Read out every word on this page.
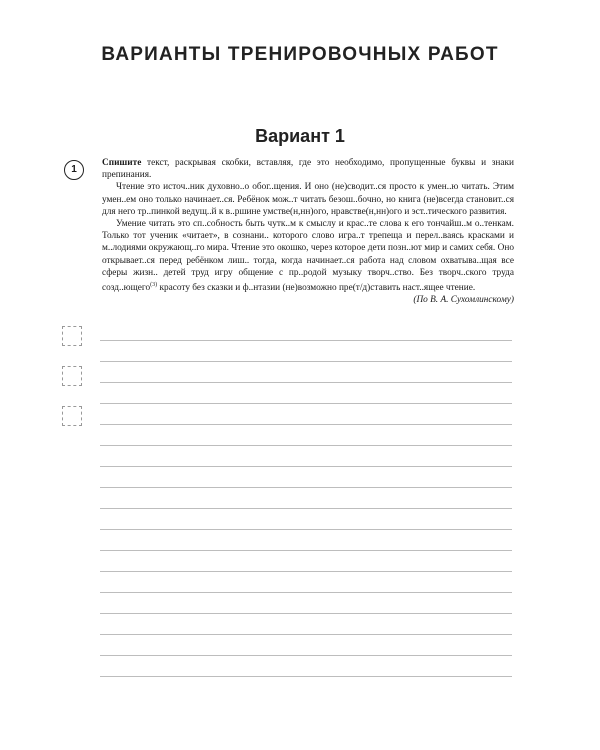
ВАРИАНТЫ ТРЕНИРОВОЧНЫХ РАБОТ
Вариант 1
1

Спишите текст, раскрывая скобки, вставляя, где это необходимо, пропущенные буквы и знаки препинания.

Чтение это источ..ник духовно..о обог..щения. И оно (не)сводит..ся просто к умен..ю читать. Этим умен..ем оно только начинает..ся. Ребёнок мож..т читать безош..бочно, но книга (не)всегда становит..ся для него тр..пинкой ведущ..й к в..ршине умстве(н,нн)ого, нравстве(н,нн)ого и эст..тического развития.

Умение читать это сп..собность быть чутк..м к смыслу и крас..те слова к его тончайш..м о..тенкам. Только тот ученик «читает», в сознани.. которого слово игра..т трепеща и перел..ваясь красками и м..лодиями окружающ..го мира. Чтение это окошко, через которое дети позн..ют мир и самих себя. Оно открывает..ся перед ребёнком лиш.. тогда, когда начинает..ся работа над словом охватыва..щая все сферы жизн.. детей труд игру общение с пр..родой музыку творч..ство. Без творч..ского труда созд..ющего$^{(3)}$ красоту без сказки и ф..нтазии (не)возможно пре(т/д)ставить наст..ящее чтение.

(По В. А. Сухомлинскому)
